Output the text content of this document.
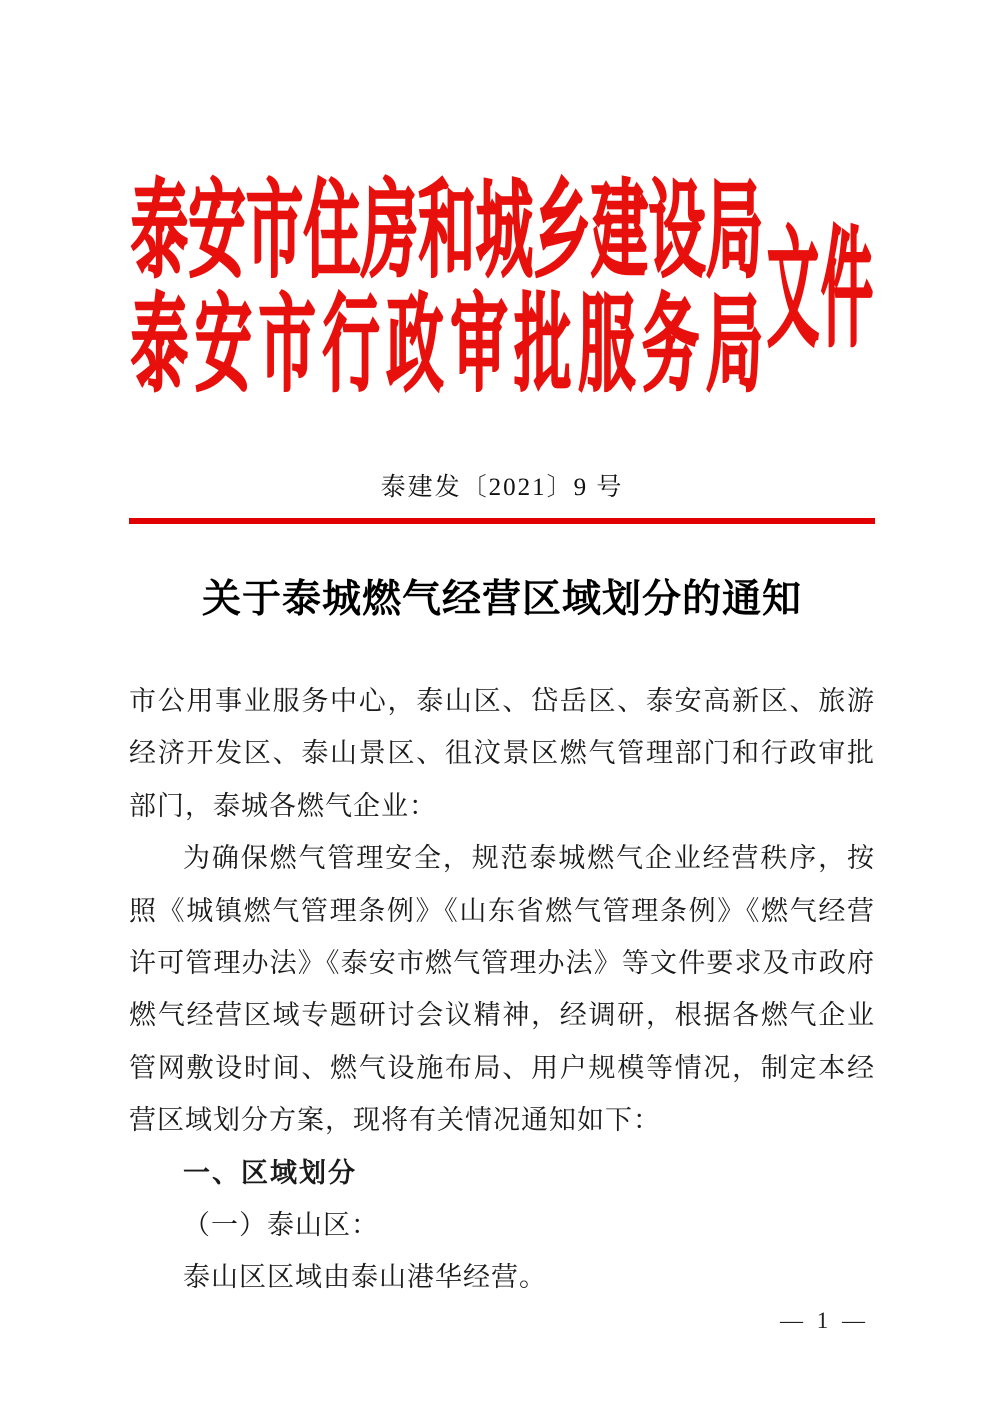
泰安市住房和城乡建设局
泰安市行政审批服务局 文件
泰建发〔2021〕9 号
关于泰城燃气经营区域划分的通知

市公用事业服务中心，泰山区、岱岳区、泰安高新区、旅游经济开发区、泰山景区、徂汶景区燃气管理部门和行政审批部门，泰城各燃气企业：

为确保燃气管理安全，规范泰城燃气企业经营秩序，按照《城镇燃气管理条例》《山东省燃气管理条例》《燃气经营许可管理办法》《泰安市燃气管理办法》等文件要求及市政府燃气经营区域专题研讨会议精神，经调研，根据各燃气企业管网敷设时间、燃气设施布局、用户规模等情况，制定本经营区域划分方案，现将有关情况通知如下：

一、区域划分

（一）泰山区：

泰山区区域由泰山港华经营。

— 1 —
